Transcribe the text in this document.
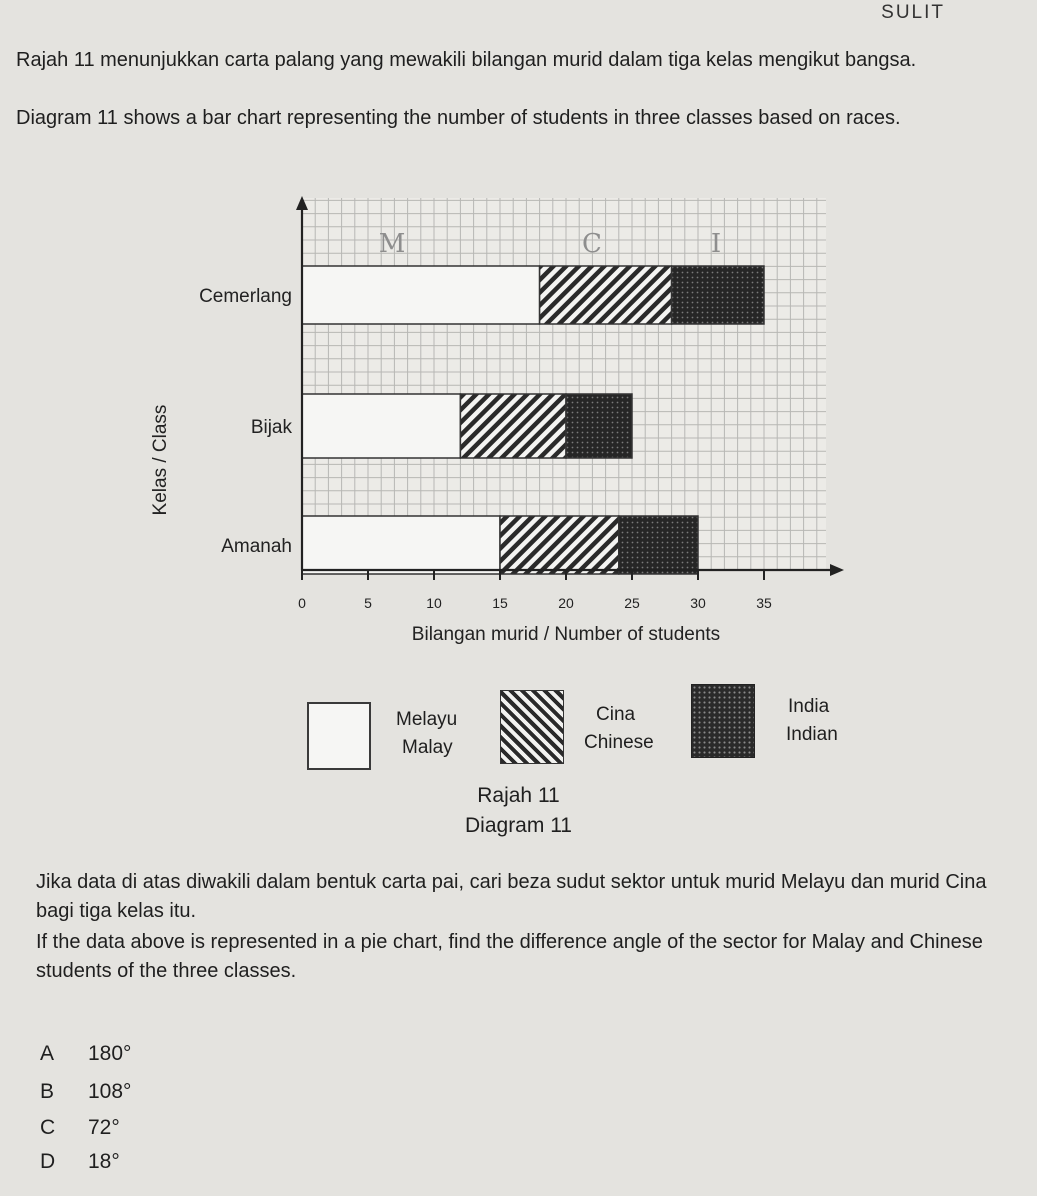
SULIT

Rajah 11 menunjukkan carta palang yang mewakili bilangan murid dalam tiga kelas mengikut bangsa.

Diagram 11 shows a bar chart representing the number of students in three classes based on races.

Cemerlang
Bijak
Amanah
0	5	10	15	20	25	30	35
Bilangan murid / Number of students
Kelas / Class
M	C	I
Melayu
Malay
Cina
Chinese
India
Indian
Rajah 11
Diagram 11

Jika data di atas diwakili dalam bentuk carta pai, cari beza sudut sektor untuk murid Melayu dan murid Cina bagi tiga kelas itu.

If the data above is represented in a pie chart, find the difference angle of the sector for Malay and Chinese students of the three classes.

A 180°
B 108°
C 72°
D 18°
